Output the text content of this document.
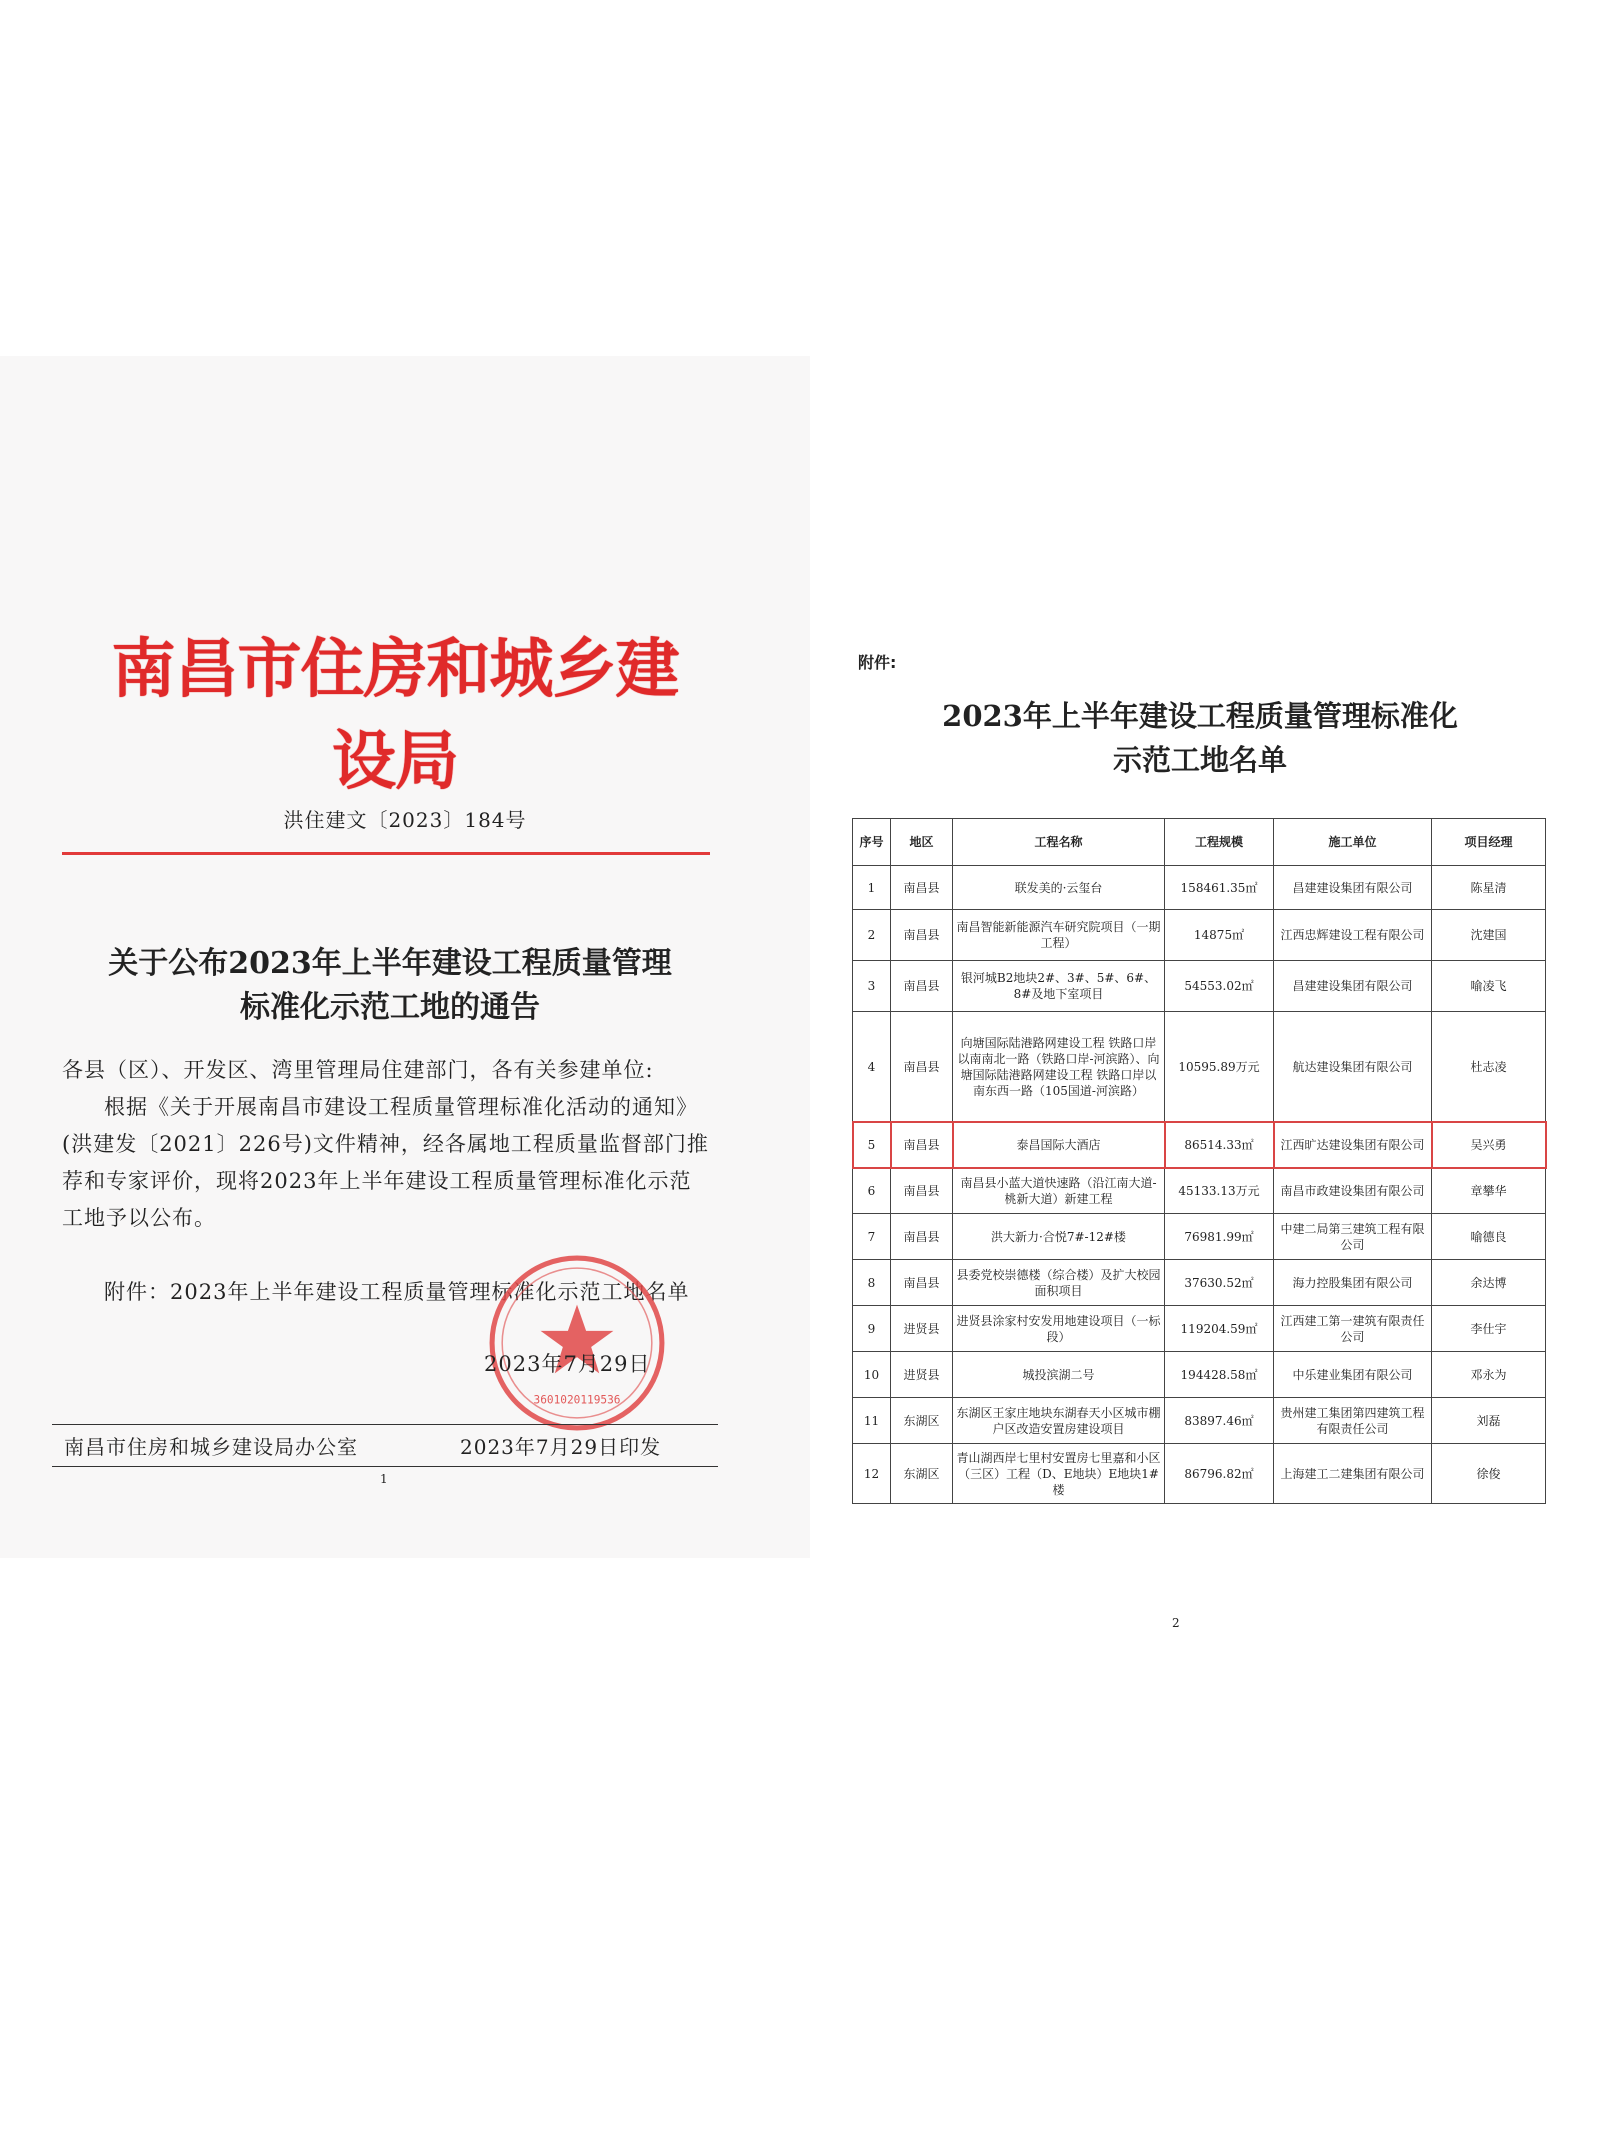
南昌市住房和城乡建设局
洪住建文〔2023〕184号
关于公布2023年上半年建设工程质量管理
标准化示范工地的通告

各县（区）、开发区、湾里管理局住建部门，各有关参建单位:

根据《关于开展南昌市建设工程质量管理标准化活动的通知》(洪建发〔2021〕226号)文件精神，经各属地工程质量监督部门推荐和专家评价，现将2023年上半年建设工程质量管理标准化示范工地予以公布。

附件：2023年上半年建设工程质量管理标准化示范工地名单
3601020119536
2023年7月29日
南昌市住房和城乡建设局办公室	2023年7月29日印发
1
附件:
2023年上半年建设工程质量管理标准化
示范工地名单
序号	地区	工程名称	工程规模	施工单位	项目经理
1	南昌县	联发美的·云玺台	158461.35㎡	昌建建设集团有限公司	陈星清
2	南昌县	南昌智能新能源汽车研究院项目（一期工程）	14875㎡	江西忠辉建设工程有限公司	沈建国
3	南昌县	银河城B2地块2#、3#、5#、6#、8#及地下室项目	54553.02㎡	昌建建设集团有限公司	喻凌飞
4	南昌县	向塘国际陆港路网建设工程 铁路口岸以南南北一路（铁路口岸-河滨路）、向塘国际陆港路网建设工程 铁路口岸以南东西一路（105国道-河滨路）	10595.89万元	航达建设集团有限公司	杜志凌
5	南昌县	泰昌国际大酒店	86514.33㎡	江西旷达建设集团有限公司	吴兴勇
6	南昌县	南昌县小蓝大道快速路（沿江南大道-桃新大道）新建工程	45133.13万元	南昌市政建设集团有限公司	章攀华
7	南昌县	洪大新力·合悦7#-12#楼	76981.99㎡	中建二局第三建筑工程有限公司	喻德良
8	南昌县	县委党校崇德楼（综合楼）及扩大校园面积项目	37630.52㎡	海力控股集团有限公司	余达博
9	进贤县	进贤县涂家村安发用地建设项目（一标段）	119204.59㎡	江西建工第一建筑有限责任公司	李仕宇
10	进贤县	城投滨湖二号	194428.58㎡	中乐建业集团有限公司	邓永为
11	东湖区	东湖区王家庄地块东湖春天小区城市棚户区改造安置房建设项目	83897.46㎡	贵州建工集团第四建筑工程有限责任公司	刘磊
12	东湖区	青山湖西岸七里村安置房七里嘉和小区（三区）工程（D、E地块）E地块1#楼	86796.82㎡	上海建工二建集团有限公司	徐俊
2
